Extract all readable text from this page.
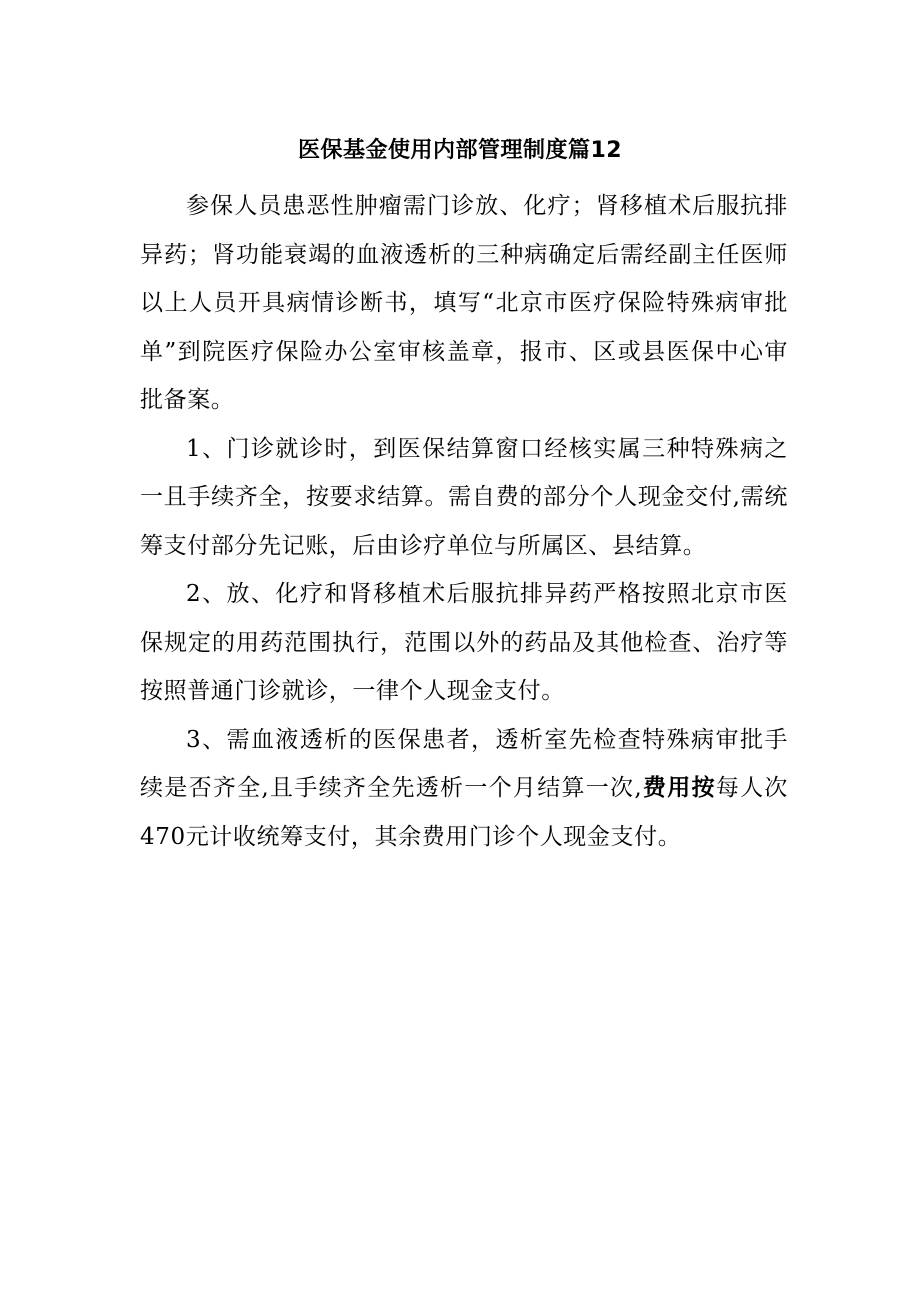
医保基金使用内部管理制度篇12

参保人员患恶性肿瘤需门诊放、化疗；肾移植术后服抗排异药；肾功能衰竭的血液透析的三种病确定后需经副主任医师以上人员开具病情诊断书，填写“北京市医疗保险特殊病审批单”到院医疗保险办公室审核盖章，报市、区或县医保中心审批备案。

1、门诊就诊时，到医保结算窗口经核实属三种特殊病之一且手续齐全，按要求结算。需自费的部分个人现金交付,需统筹支付部分先记账，后由诊疗单位与所属区、县结算。

2、放、化疗和肾移植术后服抗排异药严格按照北京市医保规定的用药范围执行，范围以外的药品及其他检查、治疗等按照普通门诊就诊，一律个人现金支付。

3、需血液透析的医保患者，透析室先检查特殊病审批手续是否齐全,且手续齐全先透析一个月结算一次,费用按每人次470元计收统筹支付，其余费用门诊个人现金支付。
